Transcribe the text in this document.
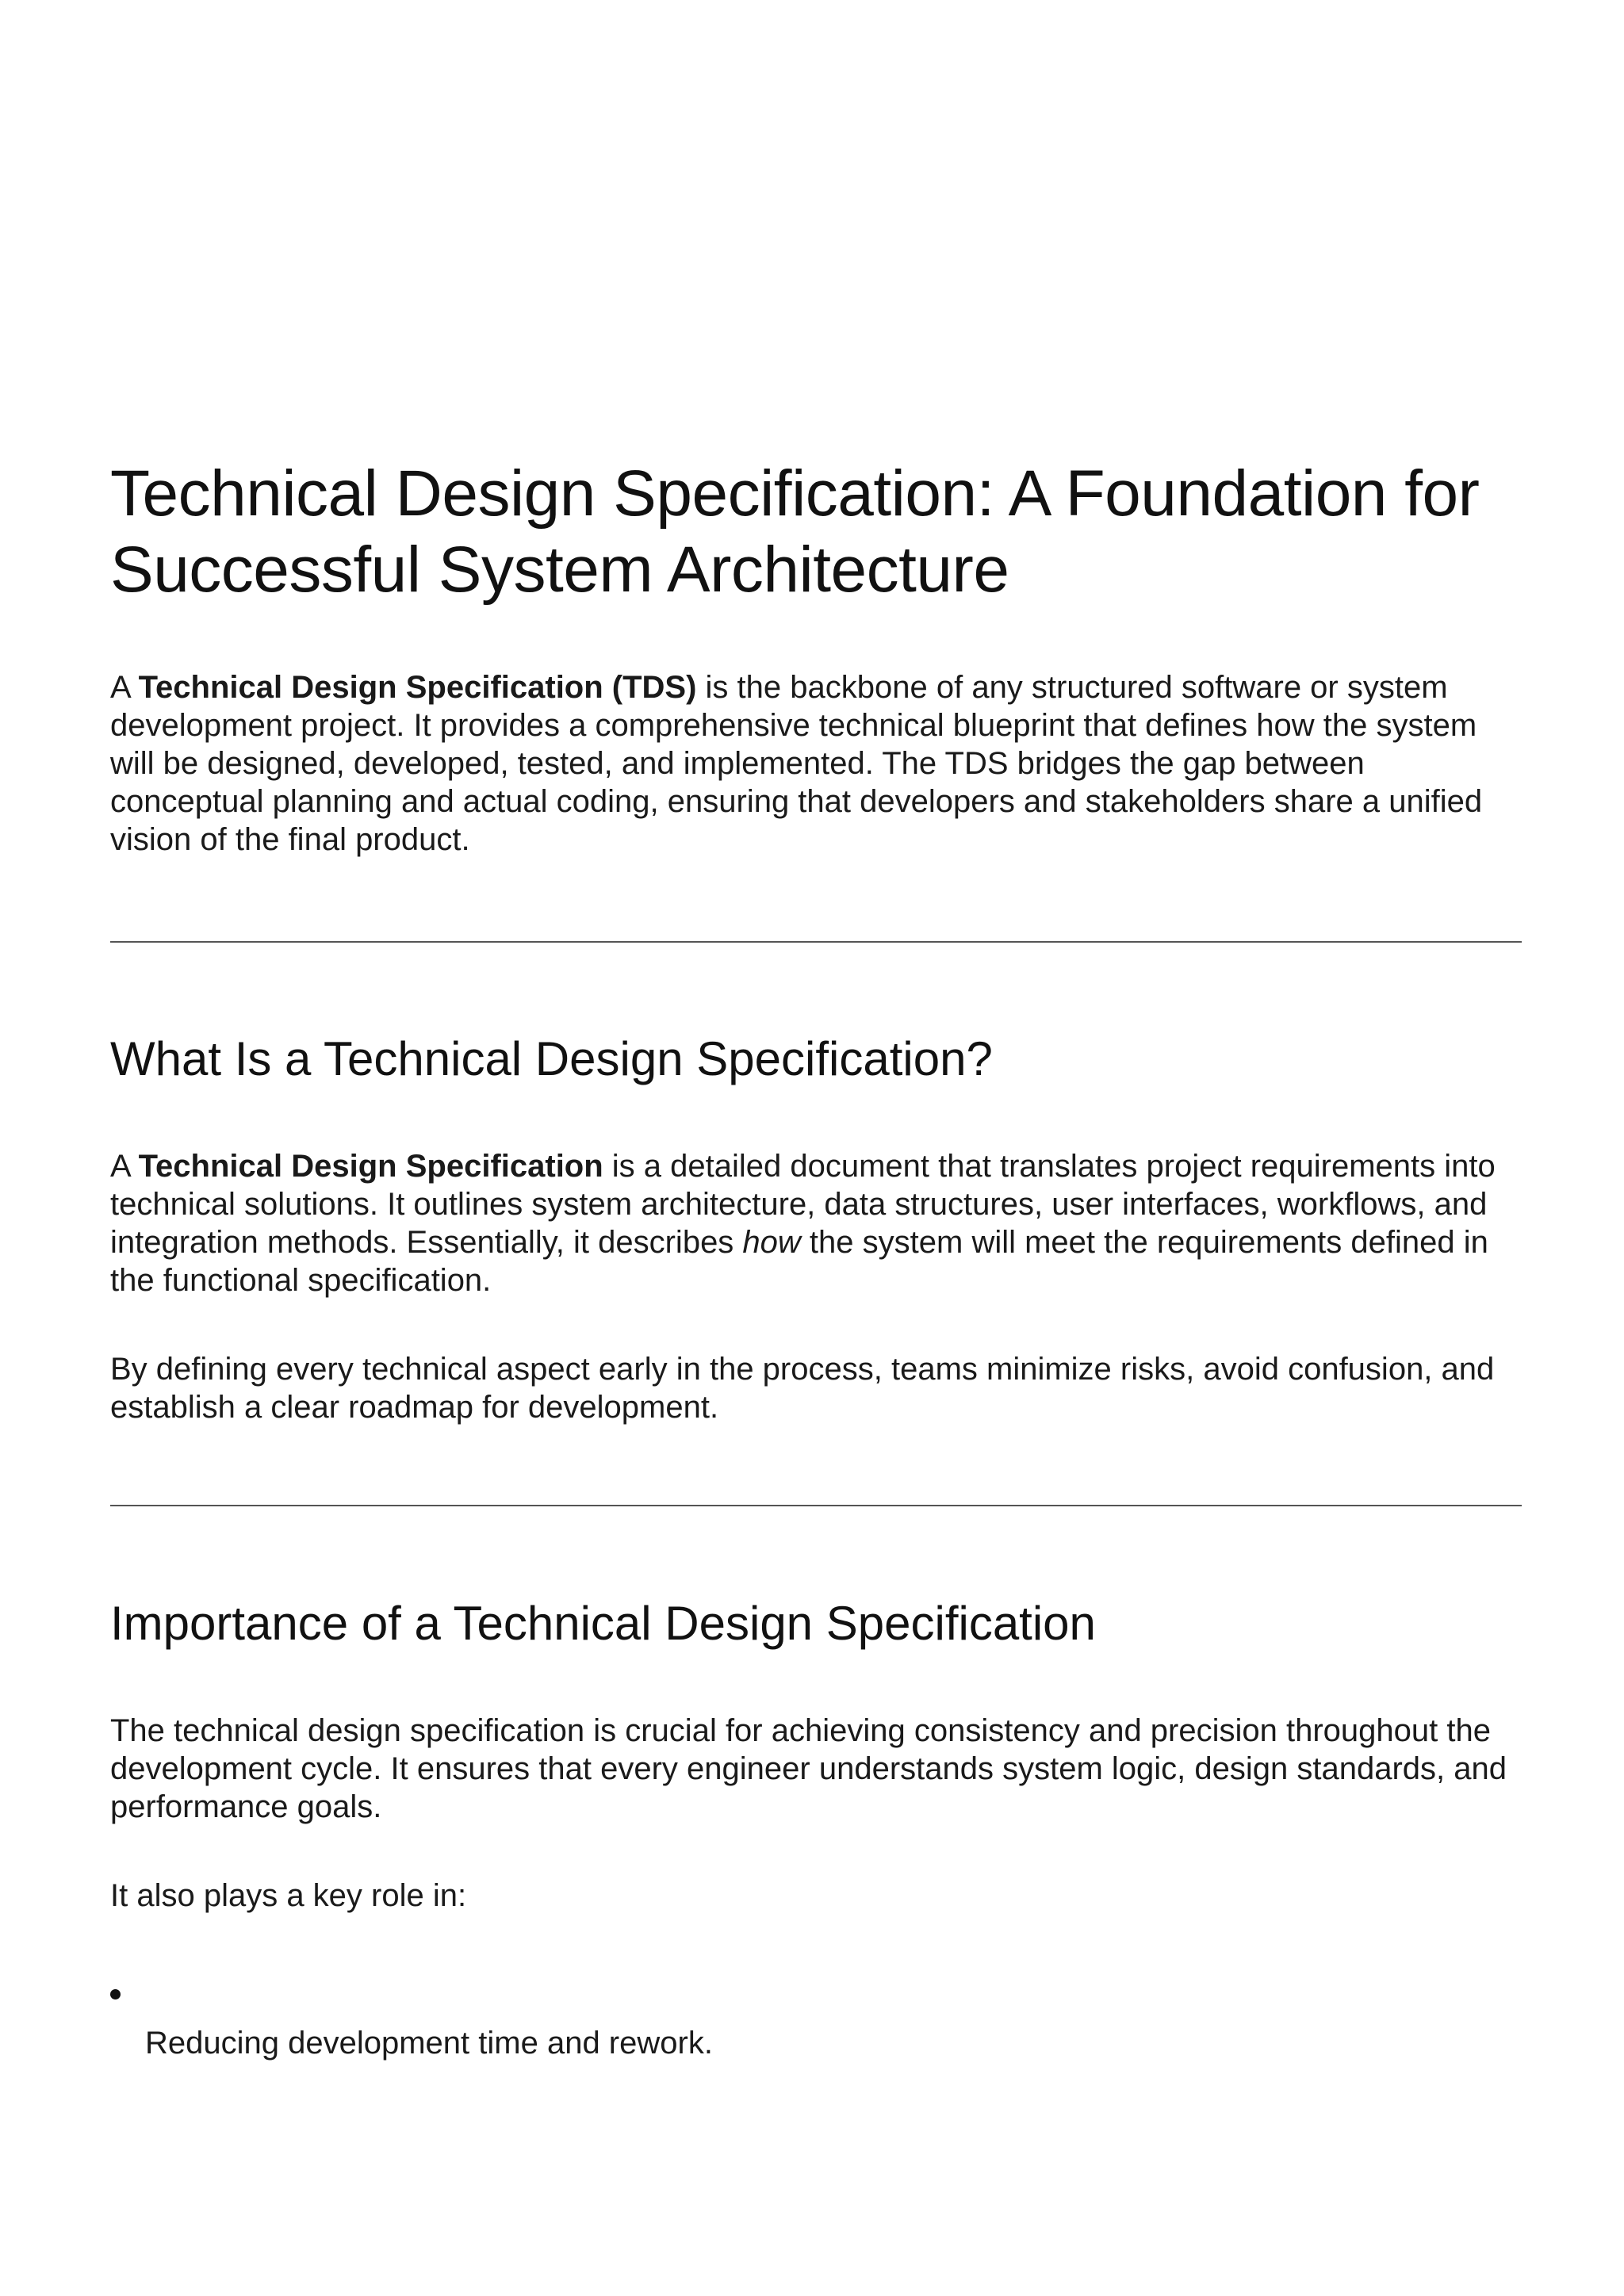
Technical Design Specification: A Foundation for Successful System Architecture

A Technical Design Specification (TDS) is the backbone of any structured software or system development project. It provides a comprehensive technical blueprint that defines how the system will be designed, developed, tested, and implemented. The TDS bridges the gap between conceptual planning and actual coding, ensuring that developers and stakeholders share a unified vision of the final product.

What Is a Technical Design Specification?

A Technical Design Specification is a detailed document that translates project requirements into technical solutions. It outlines system architecture, data structures, user interfaces, workflows, and integration methods. Essentially, it describes how the system will meet the requirements defined in the functional specification.

By defining every technical aspect early in the process, teams minimize risks, avoid confusion, and establish a clear roadmap for development.

Importance of a Technical Design Specification

The technical design specification is crucial for achieving consistency and precision throughout the development cycle. It ensures that every engineer understands system logic, design standards, and performance goals.

It also plays a key role in:

Reducing development time and rework.
